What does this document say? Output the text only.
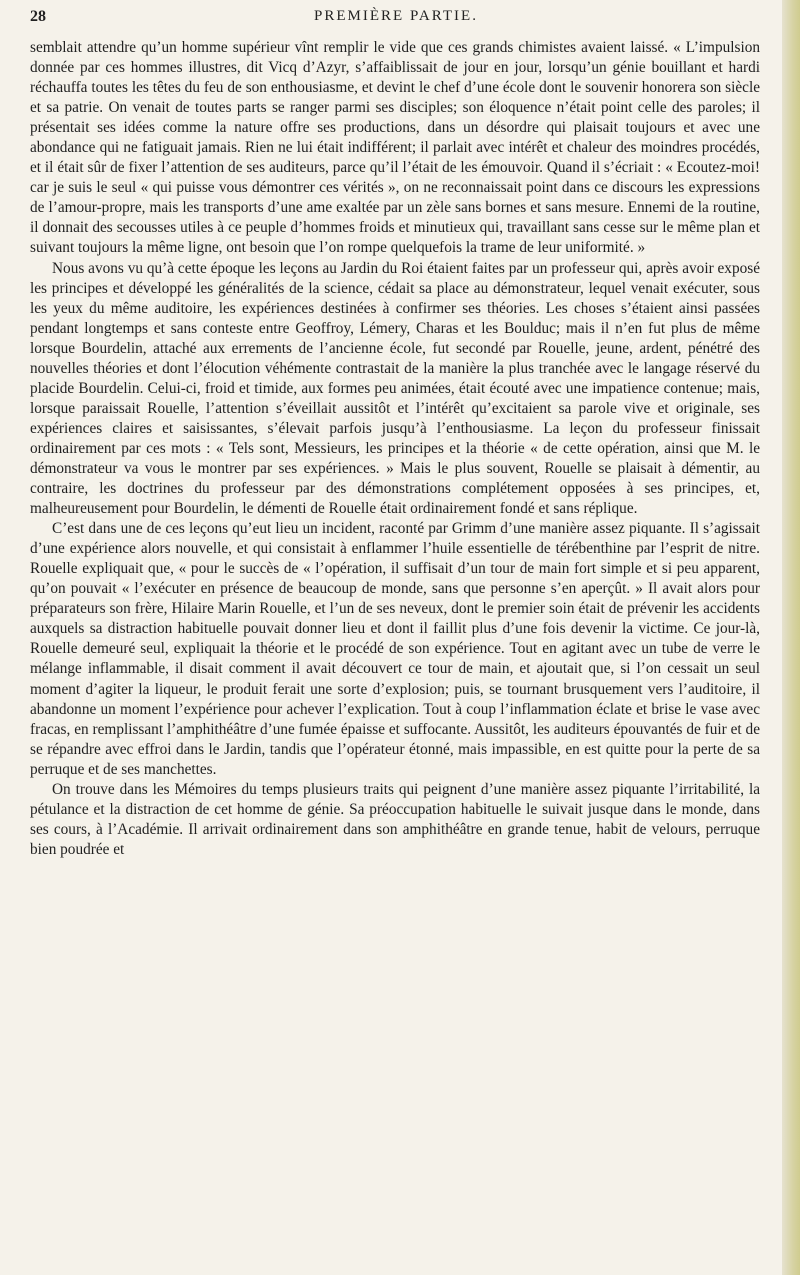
28	PREMIÈRE PARTIE.

semblait attendre qu’un homme supérieur vînt remplir le vide que ces grands chimistes avaient laissé. « L’impulsion donnée par ces hommes illustres, dit Vicq d’Azyr, s’affaiblissait de jour en jour, lorsqu’un génie bouillant et hardi réchauffa toutes les têtes du feu de son enthousiasme, et devint le chef d’une école dont le souvenir honorera son siècle et sa patrie. On venait de toutes parts se ranger parmi ses disciples; son éloquence n’était point celle des paroles; il présentait ses idées comme la nature offre ses productions, dans un désordre qui plaisait toujours et avec une abondance qui ne fatiguait jamais. Rien ne lui était indifférent; il parlait avec intérêt et chaleur des moindres procédés, et il était sûr de fixer l’attention de ses auditeurs, parce qu’il l’était de les émouvoir. Quand il s’écriait : « Ecoutez-moi! car je suis le seul « qui puisse vous démontrer ces vérités », on ne reconnaissait point dans ce discours les expressions de l’amour-propre, mais les transports d’une ame exaltée par un zèle sans bornes et sans mesure. Ennemi de la routine, il donnait des secousses utiles à ce peuple d’hommes froids et minutieux qui, travaillant sans cesse sur le même plan et suivant toujours la même ligne, ont besoin que l’on rompe quelquefois la trame de leur uniformité. »

Nous avons vu qu’à cette époque les leçons au Jardin du Roi étaient faites par un professeur qui, après avoir exposé les principes et développé les généralités de la science, cédait sa place au démonstrateur, lequel venait exécuter, sous les yeux du même auditoire, les expériences destinées à confirmer ses théories. Les choses s’étaient ainsi passées pendant longtemps et sans conteste entre Geoffroy, Lémery, Charas et les Boulduc; mais il n’en fut plus de même lorsque Bourdelin, attaché aux errements de l’ancienne école, fut secondé par Rouelle, jeune, ardent, pénétré des nouvelles théories et dont l’élocution véhémente contrastait de la manière la plus tranchée avec le langage réservé du placide Bourdelin. Celui-ci, froid et timide, aux formes peu animées, était écouté avec une impatience contenue; mais, lorsque paraissait Rouelle, l’attention s’éveillait aussitôt et l’intérêt qu’excitaient sa parole vive et originale, ses expériences claires et saisissantes, s’élevait parfois jusqu’à l’enthousiasme. La leçon du professeur finissait ordinairement par ces mots : « Tels sont, Messieurs, les principes et la théorie « de cette opération, ainsi que M. le démonstrateur va vous le montrer par ses expériences. » Mais le plus souvent, Rouelle se plaisait à démentir, au contraire, les doctrines du professeur par des démonstrations complétement opposées à ses principes, et, malheureusement pour Bourdelin, le démenti de Rouelle était ordinairement fondé et sans réplique.

C’est dans une de ces leçons qu’eut lieu un incident, raconté par Grimm d’une manière assez piquante. Il s’agissait d’une expérience alors nouvelle, et qui consistait à enflammer l’huile essentielle de térébenthine par l’esprit de nitre. Rouelle expliquait que, « pour le succès de « l’opération, il suffisait d’un tour de main fort simple et si peu apparent, qu’on pouvait « l’exécuter en présence de beaucoup de monde, sans que personne s’en aperçût. » Il avait alors pour préparateurs son frère, Hilaire Marin Rouelle, et l’un de ses neveux, dont le premier soin était de prévenir les accidents auxquels sa distraction habituelle pouvait donner lieu et dont il faillit plus d’une fois devenir la victime. Ce jour-là, Rouelle demeuré seul, expliquait la théorie et le procédé de son expérience. Tout en agitant avec un tube de verre le mélange inflammable, il disait comment il avait découvert ce tour de main, et ajoutait que, si l’on cessait un seul moment d’agiter la liqueur, le produit ferait une sorte d’explosion; puis, se tournant brusquement vers l’auditoire, il abandonne un moment l’expérience pour achever l’explication. Tout à coup l’inflammation éclate et brise le vase avec fracas, en remplissant l’amphithéâtre d’une fumée épaisse et suffocante. Aussitôt, les auditeurs épouvantés de fuir et de se répandre avec effroi dans le Jardin, tandis que l’opérateur étonné, mais impassible, en est quitte pour la perte de sa perruque et de ses manchettes.

On trouve dans les Mémoires du temps plusieurs traits qui peignent d’une manière assez piquante l’irritabilité, la pétulance et la distraction de cet homme de génie. Sa préoccupation habituelle le suivait jusque dans le monde, dans ses cours, à l’Académie. Il arrivait ordinairement dans son amphithéâtre en grande tenue, habit de velours, perruque bien poudrée et
